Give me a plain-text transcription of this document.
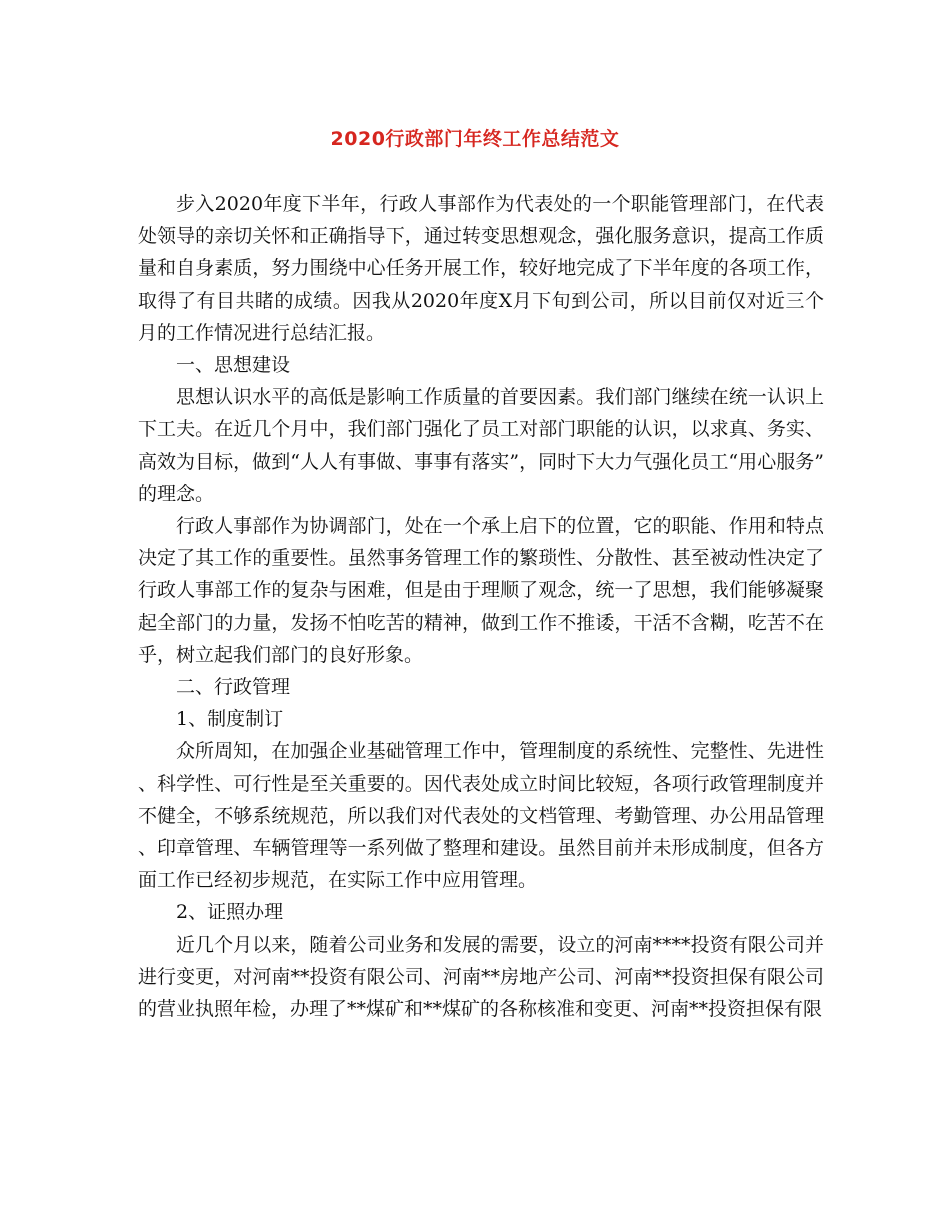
2020行政部门年终工作总结范文

步入2020年度下半年，行政人事部作为代表处的一个职能管理部门，在代表处领导的亲切关怀和正确指导下，通过转变思想观念，强化服务意识，提高工作质量和自身素质，努力围绕中心任务开展工作，较好地完成了下半年度的各项工作，取得了有目共睹的成绩。因我从2020年度X月下旬到公司，所以目前仅对近三个月的工作情况进行总结汇报。

一、思想建设

思想认识水平的高低是影响工作质量的首要因素。我们部门继续在统一认识上下工夫。在近几个月中，我们部门强化了员工对部门职能的认识，以求真、务实、高效为目标，做到“人人有事做、事事有落实”，同时下大力气强化员工“用心服务”的理念。

行政人事部作为协调部门，处在一个承上启下的位置，它的职能、作用和特点决定了其工作的重要性。虽然事务管理工作的繁琐性、分散性、甚至被动性决定了行政人事部工作的复杂与困难，但是由于理顺了观念，统一了思想，我们能够凝聚起全部门的力量，发扬不怕吃苦的精神，做到工作不推诿，干活不含糊，吃苦不在乎，树立起我们部门的良好形象。

二、行政管理

1、制度制订

众所周知，在加强企业基础管理工作中，管理制度的系统性、完整性、先进性、科学性、可行性是至关重要的。因代表处成立时间比较短，各项行政管理制度并不健全，不够系统规范，所以我们对代表处的文档管理、考勤管理、办公用品管理、印章管理、车辆管理等一系列做了整理和建设。虽然目前并未形成制度，但各方面工作已经初步规范，在实际工作中应用管理。

2、证照办理

近几个月以来，随着公司业务和发展的需要，设立的河南****投资有限公司并进行变更，对河南**投资有限公司、河南**房地产公司、河南**投资担保有限公司的营业执照年检，办理了**煤矿和**煤矿的各称核准和变更、河南**投资担保有限
